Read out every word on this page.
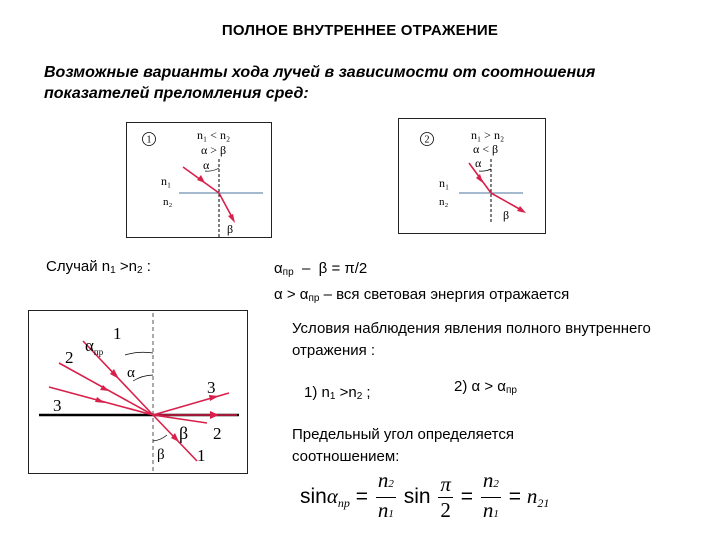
ПОЛНОЕ ВНУТРЕННЕЕ ОТРАЖЕНИЕ
Возможные варианты хода лучей в зависимости от соотношения показателей преломления сред:
1	n₁ < n₂
α > β
α
n₁
n₂
β
2	n₁ > n₂
α < β
α
n₁
n₂
β
Случай $n_1 >n_2$ :	$\alpha_{пр} - \beta = \pi/2$
$\alpha > \alpha_{пр}$ – вся световая энергия отражается
$\alpha_{пр}$
α
β
β
1
2
3
3
2
1
Условия наблюдения явления полного внутреннего отражения :
1) $n_1 >n_2$ ;	2) $\alpha > \alpha_{пр}$
Предельный угол определяется соотношением:
$\sin\alpha пр = \frac{n2}{n1}$ $\sin \frac{\pi}{2} = \frac{n2}{n1} = n21$
